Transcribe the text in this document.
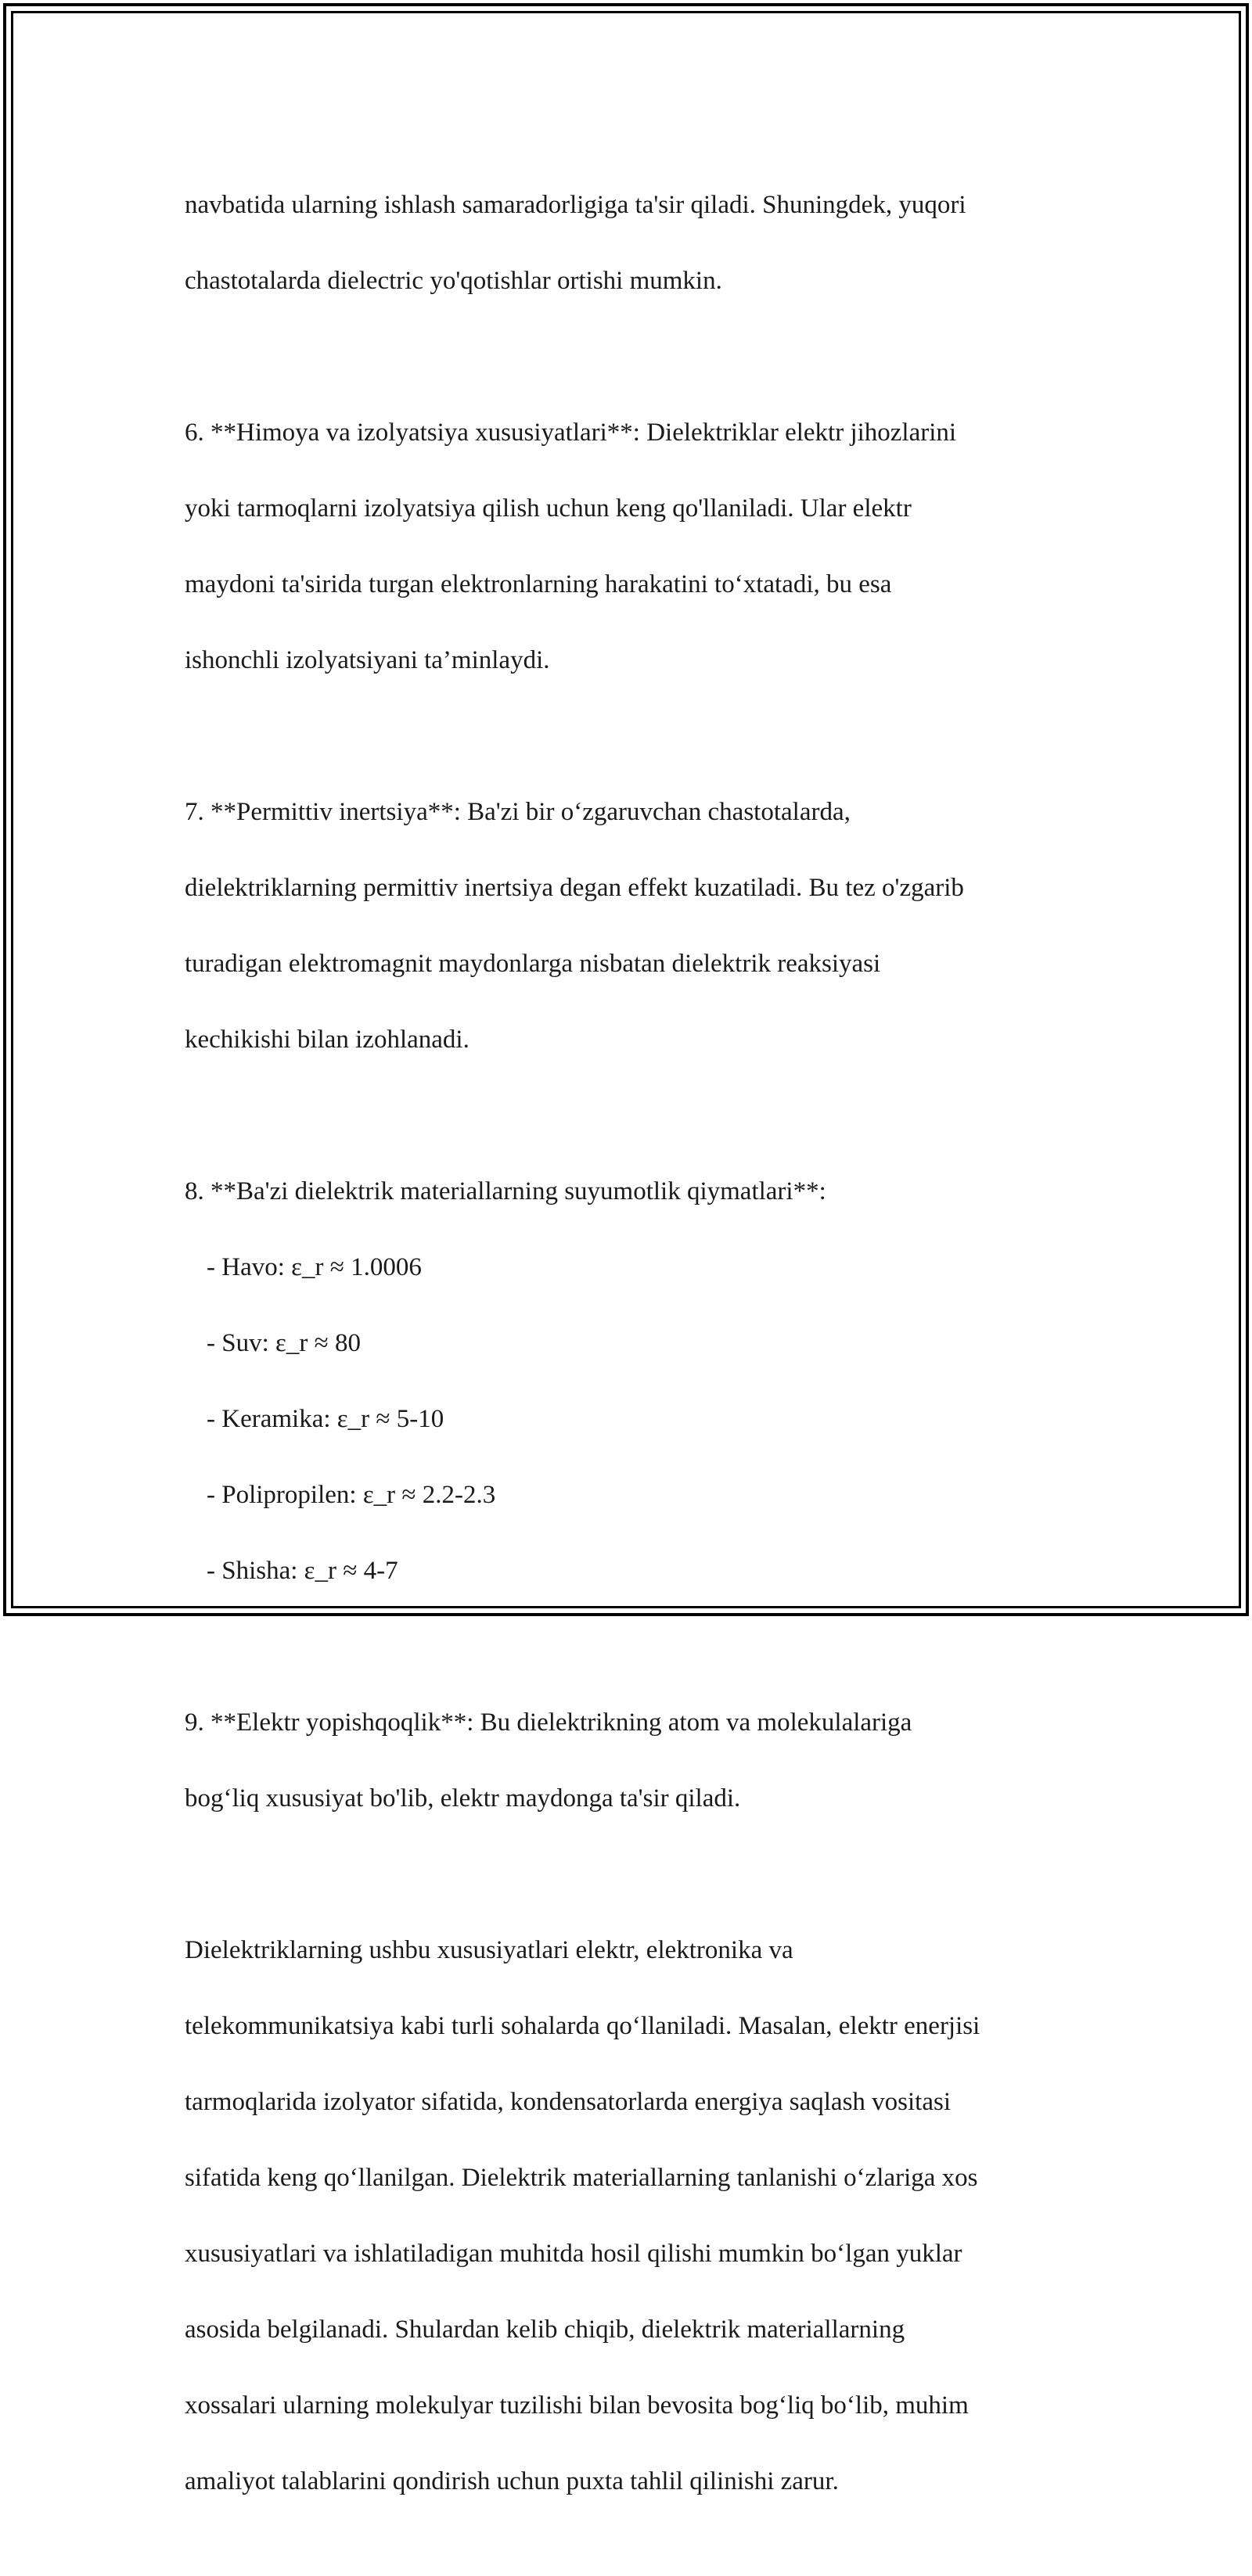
navbatida ularning ishlash samaradorligiga ta'sir qiladi. Shuningdek, yuqori

chastotalarda dielectric yo'qotishlar ortishi mumkin.

6. **Himoya va izolyatsiya xususiyatlari**: Dielektriklar elektr jihozlarini

yoki tarmoqlarni izolyatsiya qilish uchun keng qo'llaniladi. Ular elektr

maydoni ta'sirida turgan elektronlarning harakatini to‘xtatadi, bu esa

ishonchli izolyatsiyani ta’minlaydi.

7. **Permittiv inertsiya**: Ba'zi bir o‘zgaruvchan chastotalarda,

dielektriklarning permittiv inertsiya degan effekt kuzatiladi. Bu tez o'zgarib

turadigan elektromagnit maydonlarga nisbatan dielektrik reaksiyasi

kechikishi bilan izohlanadi.

8. **Ba'zi dielektrik materiallarning suyumotlik qiymatlari**:

- Havo: ε_r ≈ 1.0006

- Suv: ε_r ≈ 80

- Keramika: ε_r ≈ 5-10

- Polipropilen: ε_r ≈ 2.2-2.3

- Shisha: ε_r ≈ 4-7

9. **Elektr yopishqoqlik**: Bu dielektrikning atom va molekulalariga

bog‘liq xususiyat bo'lib, elektr maydonga ta'sir qiladi.

Dielektriklarning ushbu xususiyatlari elektr, elektronika va

telekommunikatsiya kabi turli sohalarda qo‘llaniladi. Masalan, elektr enerjisi

tarmoqlarida izolyator sifatida, kondensatorlarda energiya saqlash vositasi

sifatida keng qo‘llanilgan. Dielektrik materiallarning tanlanishi o‘zlariga xos

xususiyatlari va ishlatiladigan muhitda hosil qilishi mumkin bo‘lgan yuklar

asosida belgilanadi. Shulardan kelib chiqib, dielektrik materiallarning

xossalari ularning molekulyar tuzilishi bilan bevosita bog‘liq bo‘lib, muhim

amaliyot talablarini qondirish uchun puxta tahlil qilinishi zarur.
